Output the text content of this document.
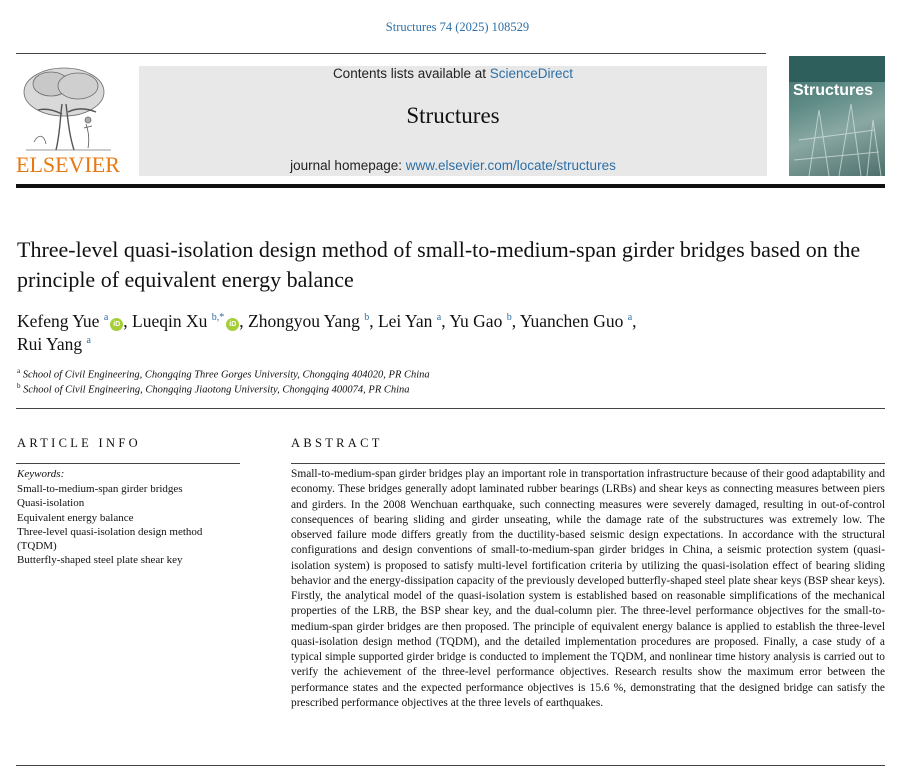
Structures 74 (2025) 108529
ELSEVIER
Contents lists available at ScienceDirect
Structures
journal homepage: www.elsevier.com/locate/structures
Structures
Three-level quasi-isolation design method of small-to-medium-span girder bridges based on the principle of equivalent energy balance
Kefeng Yue $^a$iD , Lueqin Xu $^{b,*}$iD , Zhongyou Yang $^b$, Lei Yan $^a$, Yu Gao $^b$, Yuanchen Guo $^a$,
Rui Yang $^a$
$^a$ School of Civil Engineering, Chongqing Three Gorges University, Chongqing 404020, PR China
$^b$ School of Civil Engineering, Chongqing Jiaotong University, Chongqing 400074, PR China
ARTICLE INFO
Keywords:
Small-to-medium-span girder bridges
Quasi-isolation
Equivalent energy balance
Three-level quasi-isolation design method
(TQDM)
Butterfly-shaped steel plate shear key
ABSTRACT
Small-to-medium-span girder bridges play an important role in transportation infrastructure because of their good adaptability and economy. These bridges generally adopt laminated rubber bearings (LRBs) and shear keys as connecting measures between piers and girders. In the 2008 Wenchuan earthquake, such connecting measures were severely damaged, resulting in out-of-control consequences of bearing sliding and girder unseating, while the damage rate of the substructures was extremely low. The observed failure mode differs greatly from the ductility-based seismic design expectations. In accordance with the structural configurations and design conventions of small-to-medium-span girder bridges in China, a seismic protection system (quasi-isolation system) is proposed to satisfy multi-level fortification criteria by utilizing the quasi-isolation effect of bearing sliding behavior and the energy-dissipation capacity of the previously developed butterfly-shaped steel plate shear keys (BSP shear keys). Firstly, the analytical model of the quasi-isolation system is established based on reasonable simplifications of the mechanical properties of the LRB, the BSP shear key, and the dual-column pier. The three-level performance objectives for the small-to-medium-span girder bridges are then proposed. The principle of equivalent energy balance is applied to establish the three-level quasi-isolation design method (TQDM), and the detailed implementation procedures are proposed. Finally, a case study of a typical simple supported girder bridge is conducted to implement the TQDM, and nonlinear time history analysis is carried out to verify the achievement of the three-level performance objectives. Research results show the maximum error between the performance states and the expected performance objectives is 15.6 %, demonstrating that the designed bridge can satisfy the prescribed performance objectives at the three levels of earthquakes.
